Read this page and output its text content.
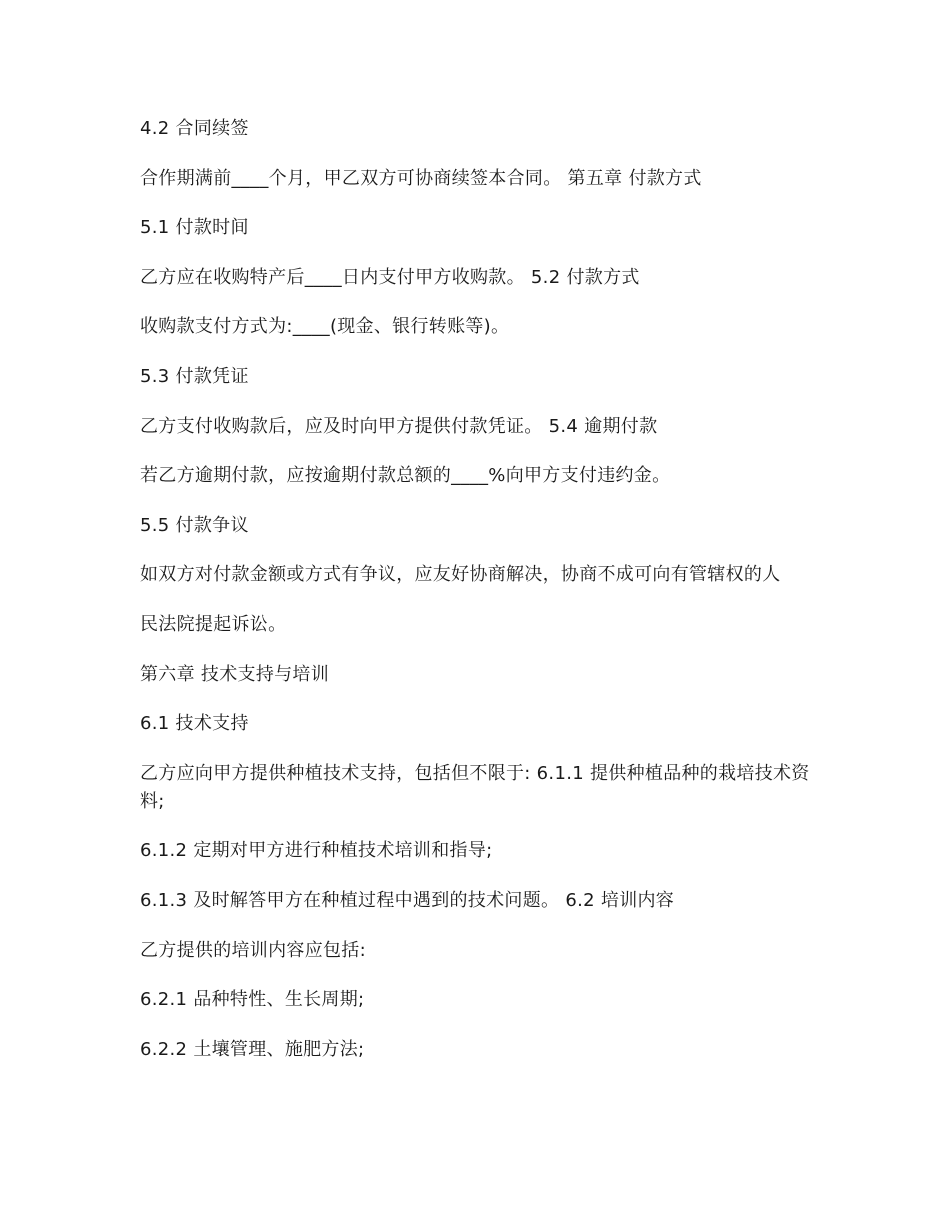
4.2 合同续签

合作期满前____个月，甲乙双方可协商续签本合同。 第五章 付款方式

5.1 付款时间

乙方应在收购特产后____日内支付甲方收购款。 5.2 付款方式

收购款支付方式为:____(现金、银行转账等)。

5.3 付款凭证

乙方支付收购款后，应及时向甲方提供付款凭证。 5.4 逾期付款

若乙方逾期付款，应按逾期付款总额的____%向甲方支付违约金。

5.5 付款争议

如双方对付款金额或方式有争议，应友好协商解决，协商不成可向有管辖权的人

民法院提起诉讼。

第六章 技术支持与培训

6.1 技术支持

乙方应向甲方提供种植技术支持，包括但不限于: 6.1.1 提供种植品种的栽培技术资料;

6.1.2 定期对甲方进行种植技术培训和指导;

6.1.3 及时解答甲方在种植过程中遇到的技术问题。 6.2 培训内容

乙方提供的培训内容应包括:

6.2.1 品种特性、生长周期;

6.2.2 土壤管理、施肥方法;
